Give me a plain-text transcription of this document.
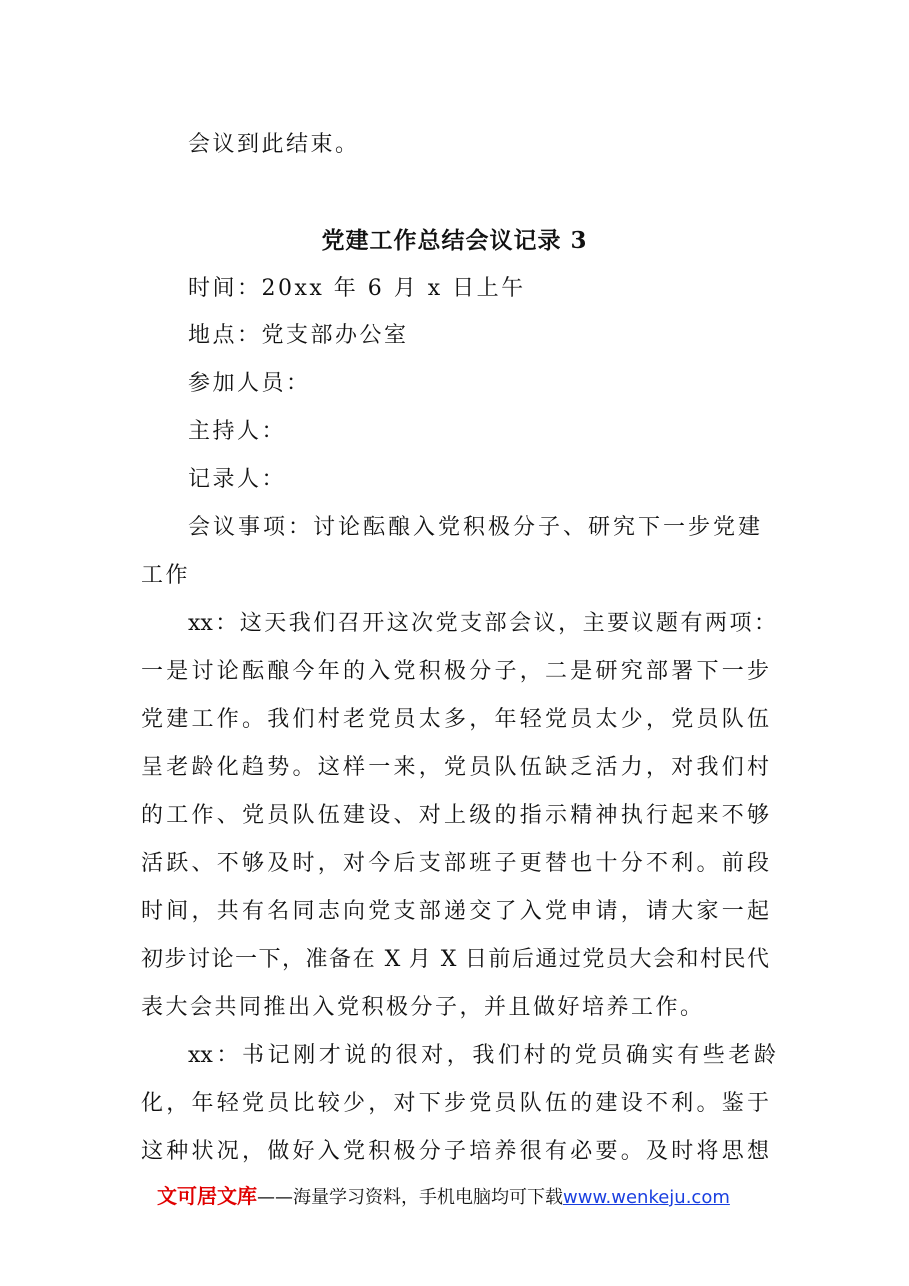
会议到此结束。
党建工作总结会议记录 3
时间：20xx 年 6 月 x 日上午
地点：党支部办公室
参加人员：
主持人：
记录人：
会议事项：讨论酝酿入党积极分子、研究下一步党建
工作
xx：这天我们召开这次党支部会议，主要议题有两项：
一是讨论酝酿今年的入党积极分子，二是研究部署下一步
党建工作。我们村老党员太多，年轻党员太少，党员队伍
呈老龄化趋势。这样一来，党员队伍缺乏活力，对我们村
的工作、党员队伍建设、对上级的指示精神执行起来不够
活跃、不够及时，对今后支部班子更替也十分不利。前段
时间，共有名同志向党支部递交了入党申请，请大家一起
初步讨论一下，准备在 X 月 X 日前后通过党员大会和村民代
表大会共同推出入党积极分子，并且做好培养工作。
xx：书记刚才说的很对，我们村的党员确实有些老龄
化，年轻党员比较少，对下步党员队伍的建设不利。鉴于
这种状况，做好入党积极分子培养很有必要。及时将思想
文可居文库——海量学习资料，手机电脑均可下载www.wenkeju.com
